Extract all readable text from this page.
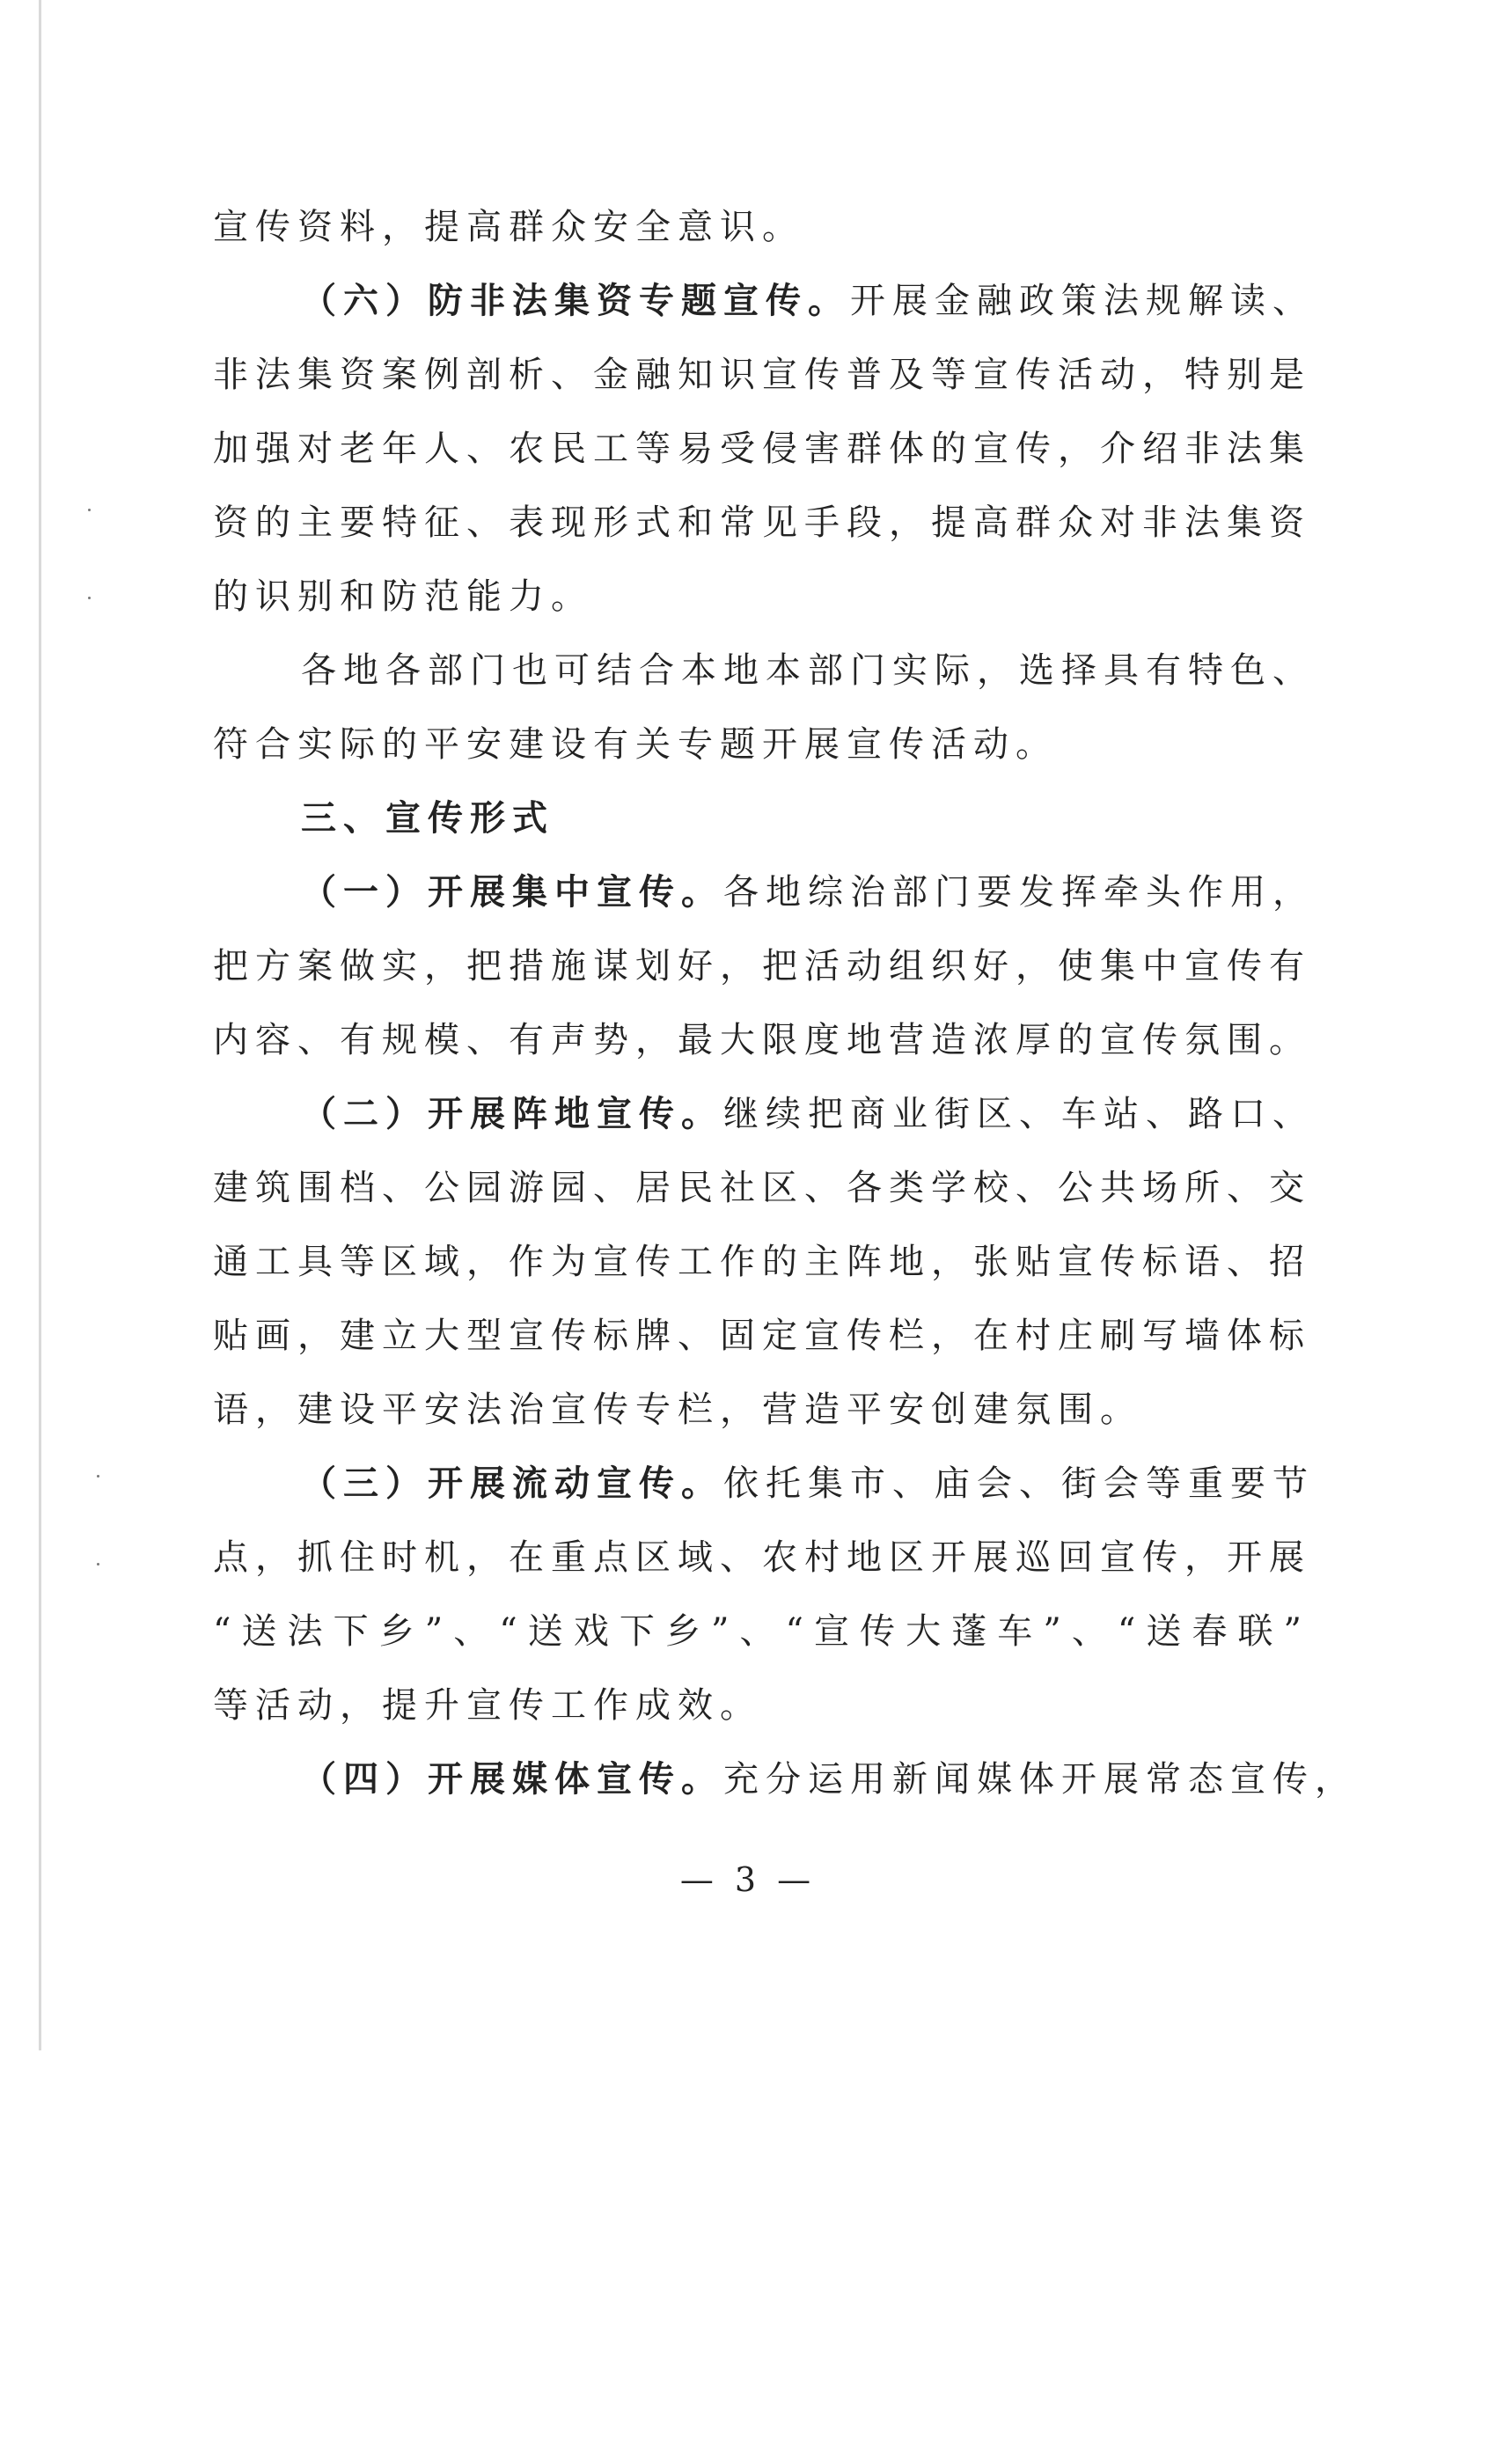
宣传资料，提高群众安全意识。

（六）防非法集资专题宣传。开展金融政策法规解读、

非法集资案例剖析、金融知识宣传普及等宣传活动，特别是

加强对老年人、农民工等易受侵害群体的宣传，介绍非法集

资的主要特征、表现形式和常见手段，提高群众对非法集资

的识别和防范能力。

各地各部门也可结合本地本部门实际，选择具有特色、

符合实际的平安建设有关专题开展宣传活动。

三、宣传形式

（一）开展集中宣传。各地综治部门要发挥牵头作用，

把方案做实，把措施谋划好，把活动组织好，使集中宣传有

内容、有规模、有声势，最大限度地营造浓厚的宣传氛围。

（二）开展阵地宣传。继续把商业街区、车站、路口、

建筑围档、公园游园、居民社区、各类学校、公共场所、交

通工具等区域，作为宣传工作的主阵地，张贴宣传标语、招

贴画，建立大型宣传标牌、固定宣传栏，在村庄刷写墙体标

语，建设平安法治宣传专栏，营造平安创建氛围。

（三）开展流动宣传。依托集市、庙会、街会等重要节

点，抓住时机，在重点区域、农村地区开展巡回宣传，开展

“送法下乡”、“送戏下乡”、“宣传大蓬车”、“送春联”

等活动，提升宣传工作成效。

（四）开展媒体宣传。充分运用新闻媒体开展常态宣传，

— 3 —
